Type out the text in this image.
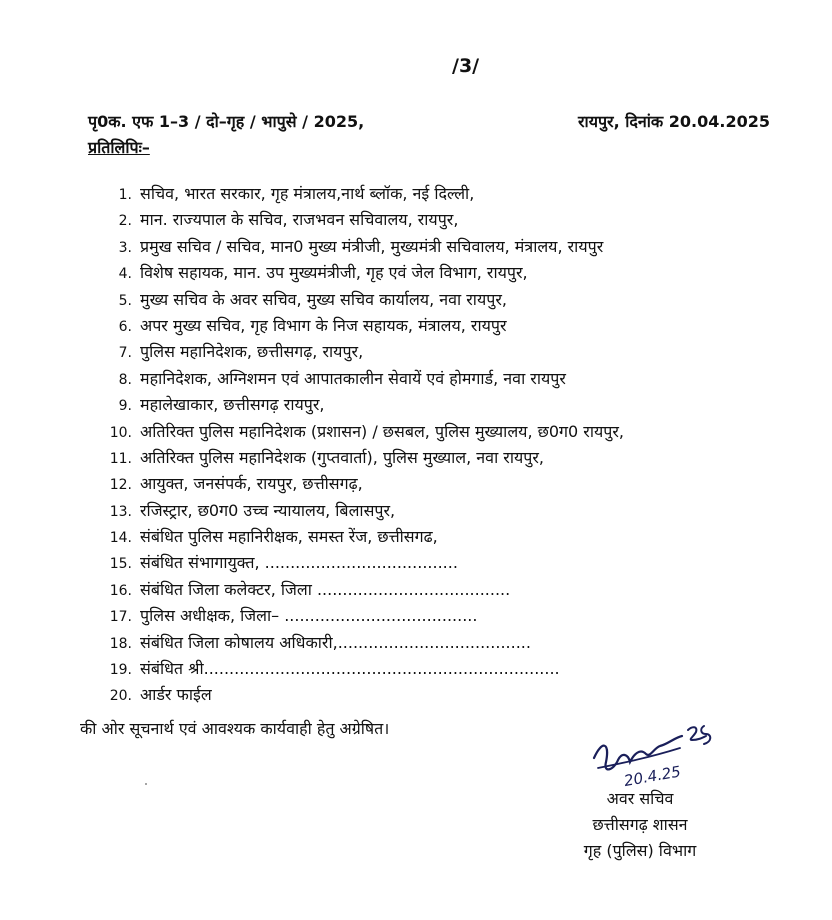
/3/
पृ0क. एफ 1–3 / दो–गृह / भापुसे / 2025,	रायपुर, दिनांक 20.04.2025
प्रतिलिपिः–
1. सचिव, भारत सरकार, गृह मंत्रालय,नार्थ ब्लॉक, नई दिल्ली,
2. मान. राज्यपाल के सचिव, राजभवन सचिवालय, रायपुर,
3. प्रमुख सचिव / सचिव, मान0 मुख्य मंत्रीजी, मुख्यमंत्री सचिवालय, मंत्रालय, रायपुर
4. विशेष सहायक, मान. उप मुख्यमंत्रीजी, गृह एवं जेल विभाग, रायपुर,
5. मुख्य सचिव के अवर सचिव, मुख्य सचिव कार्यालय, नवा रायपुर,
6. अपर मुख्य सचिव, गृह विभाग के निज सहायक, मंत्रालय, रायपुर
7. पुलिस महानिदेशक, छत्तीसगढ़, रायपुर,
8. महानिदेशक, अग्निशमन एवं आपातकालीन सेवायें एवं होमगार्ड, नवा रायपुर
9. महालेखाकार, छत्तीसगढ़ रायपुर,
10. अतिरिक्त पुलिस महानिदेशक (प्रशासन) / छसबल, पुलिस मुख्यालय, छ0ग0 रायपुर,
11. अतिरिक्त पुलिस महानिदेशक (गुप्तवार्ता), पुलिस मुख्याल, नवा रायपुर,
12. आयुक्त, जनसंपर्क, रायपुर, छत्तीसगढ़,
13. रजिस्ट्रार, छ0ग0 उच्च न्यायालय, बिलासपुर,
14. संबंधित पुलिस महानिरीक्षक, समस्त रेंज, छत्तीसगढ,
15. संबंधित संभागायुक्त, ......................................
16. संबंधित जिला कलेक्टर, जिला ......................................
17. पुलिस अधीक्षक, जिला– ......................................
18. संबंधित जिला कोषालय अधिकारी,......................................
19. संबंधित श्री......................................................................
20. आर्डर फाईल
की ओर सूचनार्थ एवं आवश्यक कार्यवाही हेतु अग्रेषित।
20.4.25
अवर सचिव
छत्तीसगढ़ शासन
गृह (पुलिस) विभाग
